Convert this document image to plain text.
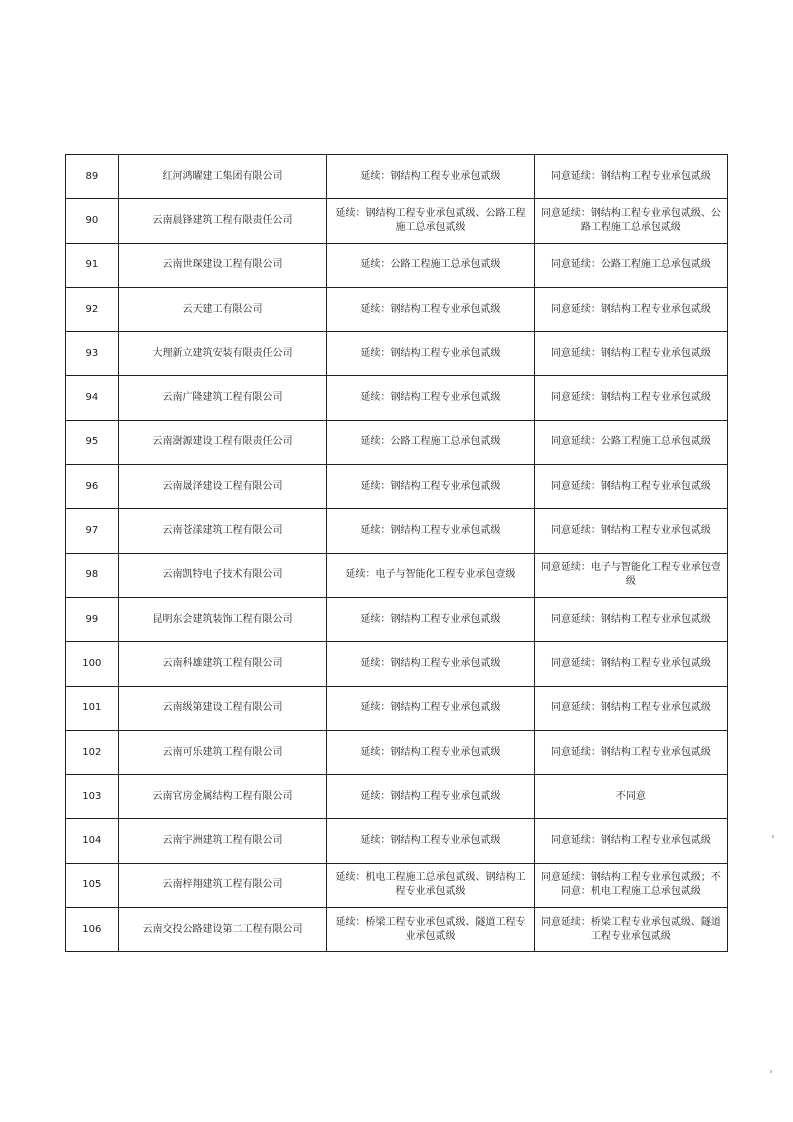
89	红河鸿曜建工集团有限公司	延续：钢结构工程专业承包贰级	同意延续：钢结构工程专业承包贰级
90	云南晨锋建筑工程有限责任公司	延续：钢结构工程专业承包贰级、公路工程施工总承包贰级	同意延续：钢结构工程专业承包贰级、公路工程施工总承包贰级
91	云南世琛建设工程有限公司	延续：公路工程施工总承包贰级	同意延续：公路工程施工总承包贰级
92	云天建工有限公司	延续：钢结构工程专业承包贰级	同意延续：钢结构工程专业承包贰级
93	大理新立建筑安装有限责任公司	延续：钢结构工程专业承包贰级	同意延续：钢结构工程专业承包贰级
94	云南广隆建筑工程有限公司	延续：钢结构工程专业承包贰级	同意延续：钢结构工程专业承包贰级
95	云南澍源建设工程有限责任公司	延续：公路工程施工总承包贰级	同意延续：公路工程施工总承包贰级
96	云南晟泽建设工程有限公司	延续：钢结构工程专业承包贰级	同意延续：钢结构工程专业承包贰级
97	云南苍漾建筑工程有限公司	延续：钢结构工程专业承包贰级	同意延续：钢结构工程专业承包贰级
98	云南凯特电子技术有限公司	延续：电子与智能化工程专业承包壹级	同意延续：电子与智能化工程专业承包壹级
99	昆明东会建筑装饰工程有限公司	延续：钢结构工程专业承包贰级	同意延续：钢结构工程专业承包贰级
100	云南科雄建筑工程有限公司	延续：钢结构工程专业承包贰级	同意延续：钢结构工程专业承包贰级
101	云南级第建设工程有限公司	延续：钢结构工程专业承包贰级	同意延续：钢结构工程专业承包贰级
102	云南可乐建筑工程有限公司	延续：钢结构工程专业承包贰级	同意延续：钢结构工程专业承包贰级
103	云南官房金属结构工程有限公司	延续：钢结构工程专业承包贰级	不同意
104	云南宇洲建筑工程有限公司	延续：钢结构工程专业承包贰级	同意延续：钢结构工程专业承包贰级
105	云南梓翔建筑工程有限公司	延续：机电工程施工总承包贰级、钢结构工程专业承包贰级	同意延续：钢结构工程专业承包贰级；不同意：机电工程施工总承包贰级
106	云南交投公路建设第二工程有限公司	延续：桥梁工程专业承包贰级、隧道工程专业承包贰级	同意延续：桥梁工程专业承包贰级、隧道工程专业承包贰级
